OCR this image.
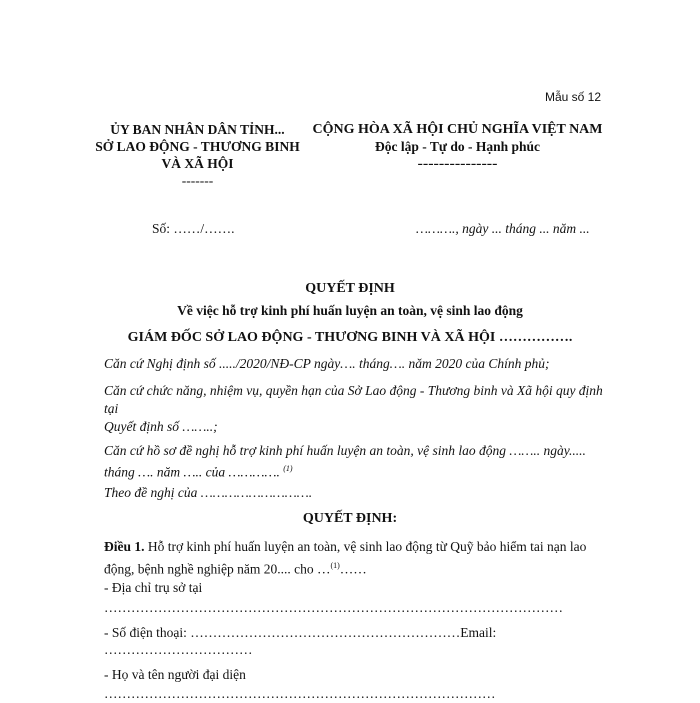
Mẫu số 12
ỦY BAN NHÂN DÂN TỈNH...
SỞ LAO ĐỘNG - THƯƠNG BINH
VÀ XÃ HỘI
-------
CỘNG HÒA XÃ HỘI CHỦ NGHĨA VIỆT NAM
Độc lập - Tự do - Hạnh phúc
---------------
Số: ……/…….	………., ngày ... tháng ... năm ...
QUYẾT ĐỊNH
Về việc hỗ trợ kinh phí huấn luyện an toàn, vệ sinh lao động
GIÁM ĐỐC SỞ LAO ĐỘNG - THƯƠNG BINH VÀ XÃ HỘI …………….
Căn cứ Nghị định số ...../2020/NĐ-CP ngày…. tháng…. năm 2020 của Chính phủ;
Căn cứ chức năng, nhiệm vụ, quyền hạn của Sở Lao động - Thương binh và Xã hội quy định tại
Quyết định số ……..;
Căn cứ hồ sơ đề nghị hỗ trợ kinh phí huấn luyện an toàn, vệ sinh lao động …….. ngày..... tháng …. năm ….. của …………. $^{(1)}$
Theo đề nghị của ……………………….
QUYẾT ĐỊNH:
Điều 1. Hỗ trợ kinh phí huấn luyện an toàn, vệ sinh lao động từ Quỹ bảo hiểm tai nạn lao động, bệnh nghề nghiệp năm 20.... cho …$^{(1)}$……
- Địa chỉ trụ sở tại
…………………………………………………………………………………………
- Số điện thoại: ……………………………………………………Email:
……………………………
- Họ và tên người đại diện
……………………………………………………………………………
